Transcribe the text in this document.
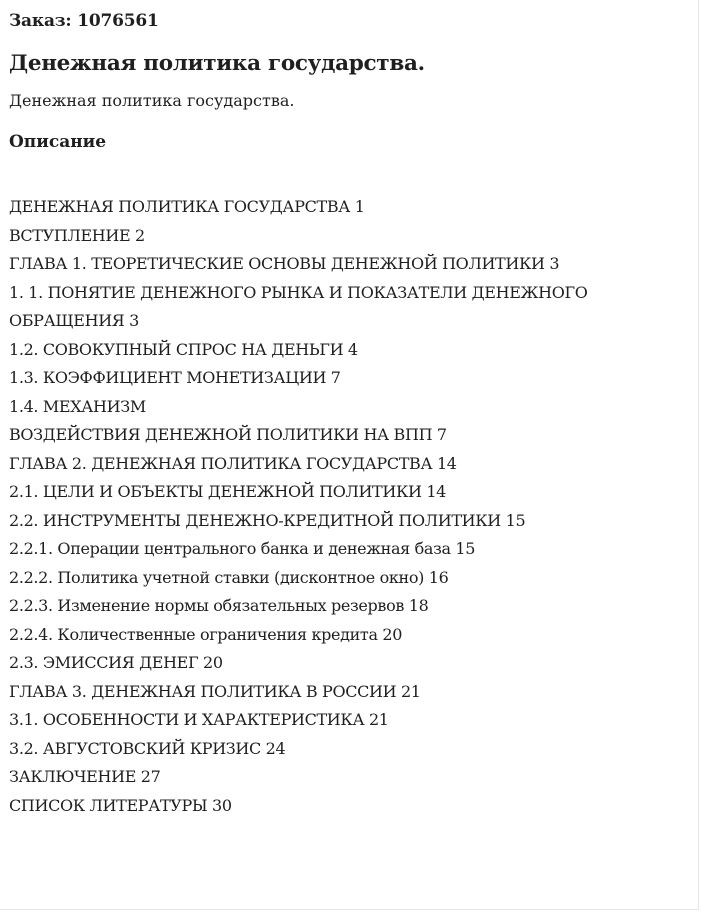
Заказ: 1076561
Денежная политика государства.
Денежная политика государства.
Описание
ДЕНЕЖНАЯ ПОЛИТИКА ГОСУДАРСТВА 1
ВСТУПЛЕНИЕ 2
ГЛАВА 1. ТЕОРЕТИЧЕСКИЕ ОСНОВЫ ДЕНЕЖНОЙ ПОЛИТИКИ 3
1. 1. ПОНЯТИЕ ДЕНЕЖНОГО РЫНКА И ПОКАЗАТЕЛИ ДЕНЕЖНОГО
ОБРАЩЕНИЯ 3
1.2. СОВОКУПНЫЙ СПРОС НА ДЕНЬГИ 4
1.3. КОЭФФИЦИЕНТ МОНЕТИЗАЦИИ 7
1.4. МЕХАНИЗМ
ВОЗДЕЙСТВИЯ ДЕНЕЖНОЙ ПОЛИТИКИ НА ВПП 7
ГЛАВА 2. ДЕНЕЖНАЯ ПОЛИТИКА ГОСУДАРСТВА 14
2.1. ЦЕЛИ И ОБЪЕКТЫ ДЕНЕЖНОЙ ПОЛИТИКИ 14
2.2. ИНСТРУМЕНТЫ ДЕНЕЖНО-КРЕДИТНОЙ ПОЛИТИКИ 15
2.2.1. Операции центрального банка и денежная база 15
2.2.2. Политика учетной ставки (дисконтное окно) 16
2.2.3. Изменение нормы обязательных резервов 18
2.2.4. Количественные ограничения кредита 20
2.3. ЭМИССИЯ ДЕНЕГ 20
ГЛАВА 3. ДЕНЕЖНАЯ ПОЛИТИКА В РОССИИ 21
3.1. ОСОБЕННОСТИ И ХАРАКТЕРИСТИКА 21
3.2. АВГУСТОВСКИЙ КРИЗИС 24
ЗАКЛЮЧЕНИЕ 27
СПИСОК ЛИТЕРАТУРЫ 30
